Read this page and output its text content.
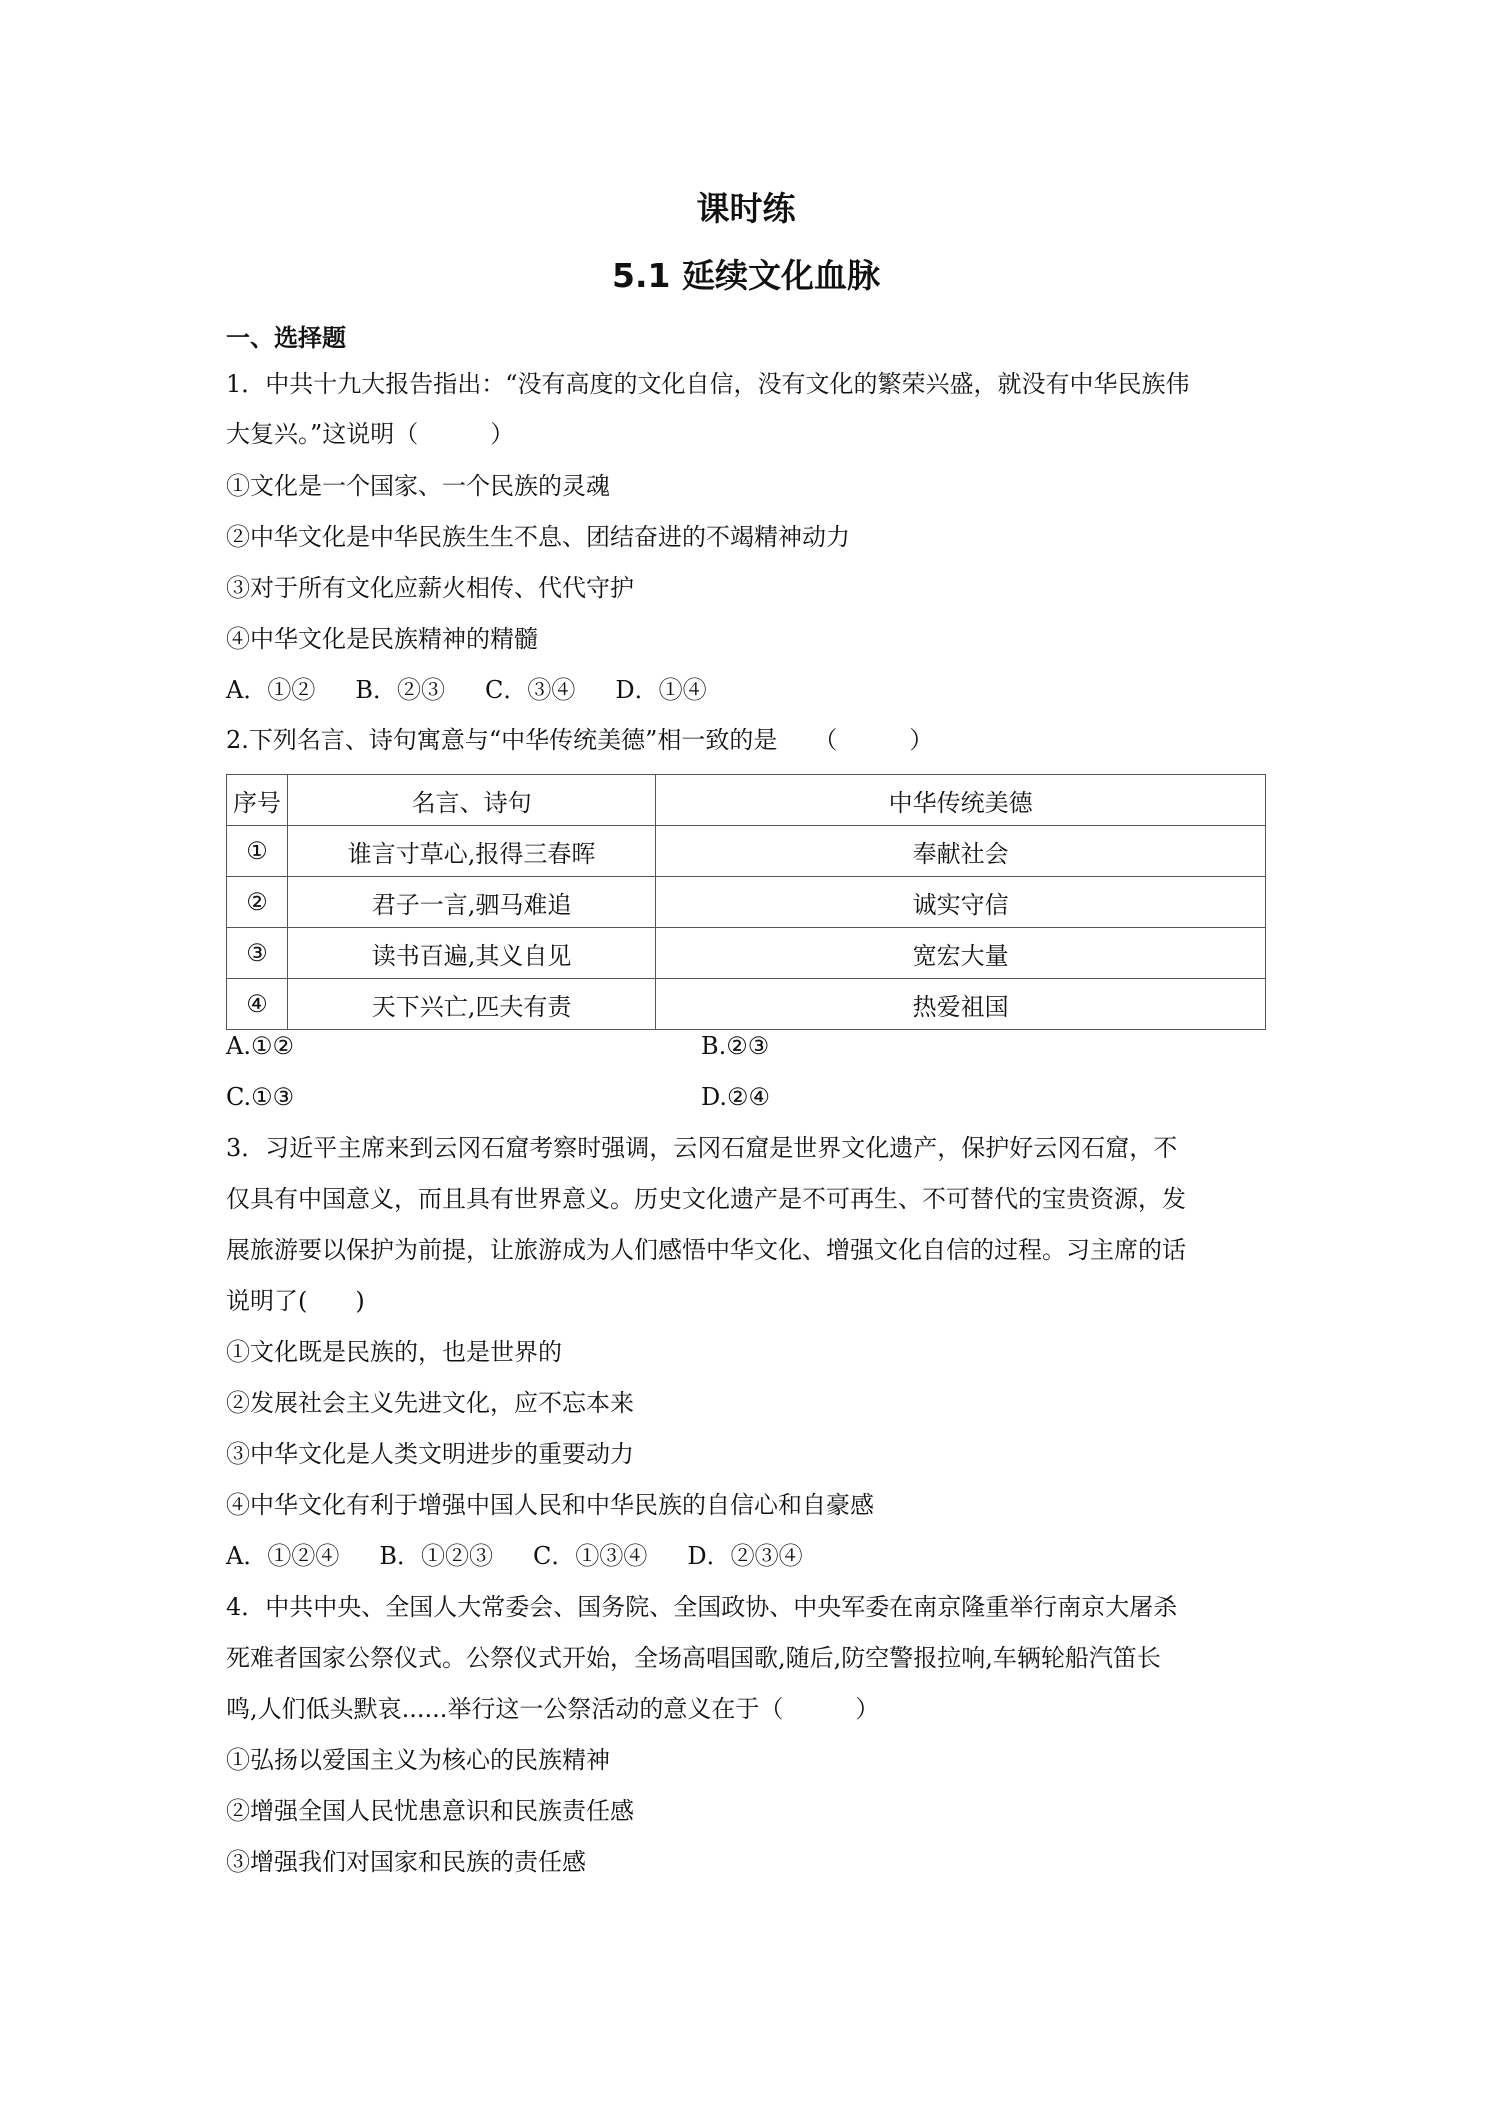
课时练
5.1 延续文化血脉
一、选择题
1．中共十九大报告指出：“没有高度的文化自信，没有文化的繁荣兴盛，就没有中华民族伟
大复兴。”这说明（　　　）
①文化是一个国家、一个民族的灵魂
②中华文化是中华民族生生不息、团结奋进的不竭精神动力
③对于所有文化应薪火相传、代代守护
④中华文化是民族精神的精髓
A．①② B．②③ C．③④ D．①④
2.下列名言、诗句寓意与“中华传统美德”相一致的是　　（　　　）
序号	名言、诗句	中华传统美德
①	谁言寸草心,报得三春晖	奉献社会
②	君子一言,驷马难追	诚实守信
③	读书百遍,其义自见	宽宏大量
④	天下兴亡,匹夫有责	热爱祖国
A.①②	B.②③
C.①③	D.②④
3．习近平主席来到云冈石窟考察时强调，云冈石窟是世界文化遗产，保护好云冈石窟，不
仅具有中国意义，而且具有世界意义。历史文化遗产是不可再生、不可替代的宝贵资源，发
展旅游要以保护为前提，让旅游成为人们感悟中华文化、增强文化自信的过程。习主席的话
说明了(　　)
①文化既是民族的，也是世界的
②发展社会主义先进文化，应不忘本来
③中华文化是人类文明进步的重要动力
④中华文化有利于增强中国人民和中华民族的自信心和自豪感
A．①②④ B．①②③ C．①③④ D．②③④
4．中共中央、全国人大常委会、国务院、全国政协、中央军委在南京隆重举行南京大屠杀
死难者国家公祭仪式。公祭仪式开始，全场高唱国歌,随后,防空警报拉响,车辆轮船汽笛长
鸣,人们低头默哀......举行这一公祭活动的意义在于（　　　）
①弘扬以爱国主义为核心的民族精神
②增强全国人民忧患意识和民族责任感
③增强我们对国家和民族的责任感
